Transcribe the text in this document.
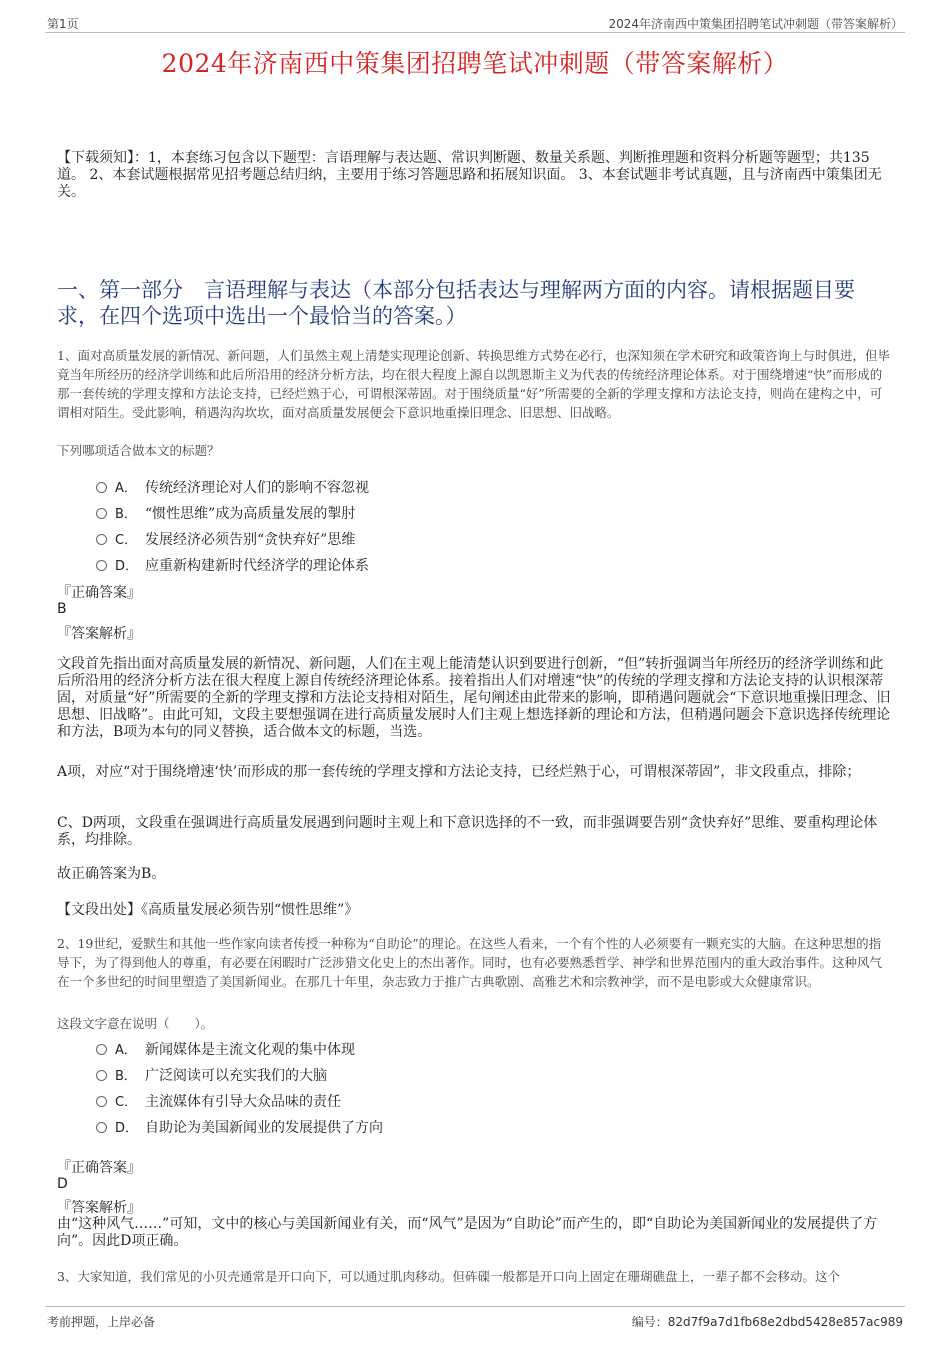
第1页	2024年济南西中策集团招聘笔试冲刺题（带答案解析）
2024年济南西中策集团招聘笔试冲刺题（带答案解析）
【下载须知】：1，本套练习包含以下题型：言语理解与表达题、常识判断题、数量关系题、判断推理题和资料分析题等题型；共135道。 2、本套试题根据常见招考题总结归纳，主要用于练习答题思路和拓展知识面。 3、本套试题非考试真题，且与济南西中策集团无关。
一、第一部分　言语理解与表达（本部分包括表达与理解两方面的内容。请根据题目要求，在四个选项中选出一个最恰当的答案。）
1、面对高质量发展的新情况、新问题，人们虽然主观上清楚实现理论创新、转换思维方式势在必行，也深知须在学术研究和政策咨询上与时俱进，但毕竟当年所经历的经济学训练和此后所沿用的经济分析方法，均在很大程度上源自以凯恩斯主义为代表的传统经济理论体系。对于围绕增速“快”而形成的那一套传统的学理支撑和方法论支持，已经烂熟于心，可谓根深蒂固。对于围绕质量“好”所需要的全新的学理支撑和方法论支持，则尚在建构之中，可谓相对陌生。受此影响，稍遇沟沟坎坎，面对高质量发展便会下意识地重操旧理念、旧思想、旧战略。
下列哪项适合做本文的标题？
A． 传统经济理论对人们的影响不容忽视
B． “惯性思维”成为高质量发展的掣肘
C． 发展经济必须告别“贪快弃好”思维
D． 应重新构建新时代经济学的理论体系
『正确答案』
B
『答案解析』
文段首先指出面对高质量发展的新情况、新问题，人们在主观上能清楚认识到要进行创新，“但”转折强调当年所经历的经济学训练和此后所沿用的经济分析方法在很大程度上源自传统经济理论体系。接着指出人们对增速“快”的传统的学理支撑和方法论支持的认识根深蒂固，对质量“好”所需要的全新的学理支撑和方法论支持相对陌生，尾句阐述由此带来的影响，即稍遇问题就会“下意识地重操旧理念、旧思想、旧战略”。由此可知，文段主要想强调在进行高质量发展时人们主观上想选择新的理论和方法，但稍遇问题会下意识选择传统理论和方法，B项为本句的同义替换，适合做本文的标题，当选。
A项，对应“对于围绕增速‘快’而形成的那一套传统的学理支撑和方法论支持，已经烂熟于心，可谓根深蒂固”，非文段重点，排除；
C、D两项，文段重在强调进行高质量发展遇到问题时主观上和下意识选择的不一致，而非强调要告别“贪快弃好”思维、要重构理论体系，均排除。
故正确答案为B。
【文段出处】《高质量发展必须告别“惯性思维”》
2、19世纪，爱默生和其他一些作家向读者传授一种称为“自助论”的理论。在这些人看来，一个有个性的人必须要有一颗充实的大脑。在这种思想的指导下，为了得到他人的尊重，有必要在闲暇时广泛涉猎文化史上的杰出著作。同时，也有必要熟悉哲学、神学和世界范围内的重大政治事件。这种风气在一个多世纪的时间里塑造了美国新闻业。在那几十年里，杂志致力于推广古典歌剧、高雅艺术和宗教神学，而不是电影或大众健康常识。
这段文字意在说明（　　）。
A． 新闻媒体是主流文化观的集中体现
B． 广泛阅读可以充实我们的大脑
C． 主流媒体有引导大众品味的责任
D． 自助论为美国新闻业的发展提供了方向
『正确答案』
D
『答案解析』
由“这种风气……”可知，文中的核心与美国新闻业有关，而“风气”是因为“自助论”而产生的，即“自助论为美国新闻业的发展提供了方向”。因此D项正确。
3、大家知道，我们常见的小贝壳通常是开口向下，可以通过肌肉移动。但砗磲一般都是开口向上固定在珊瑚礁盘上，一辈子都不会移动。这个
考前押题，上岸必备	编号：82d7f9a7d1fb68e2dbd5428e857ac989
